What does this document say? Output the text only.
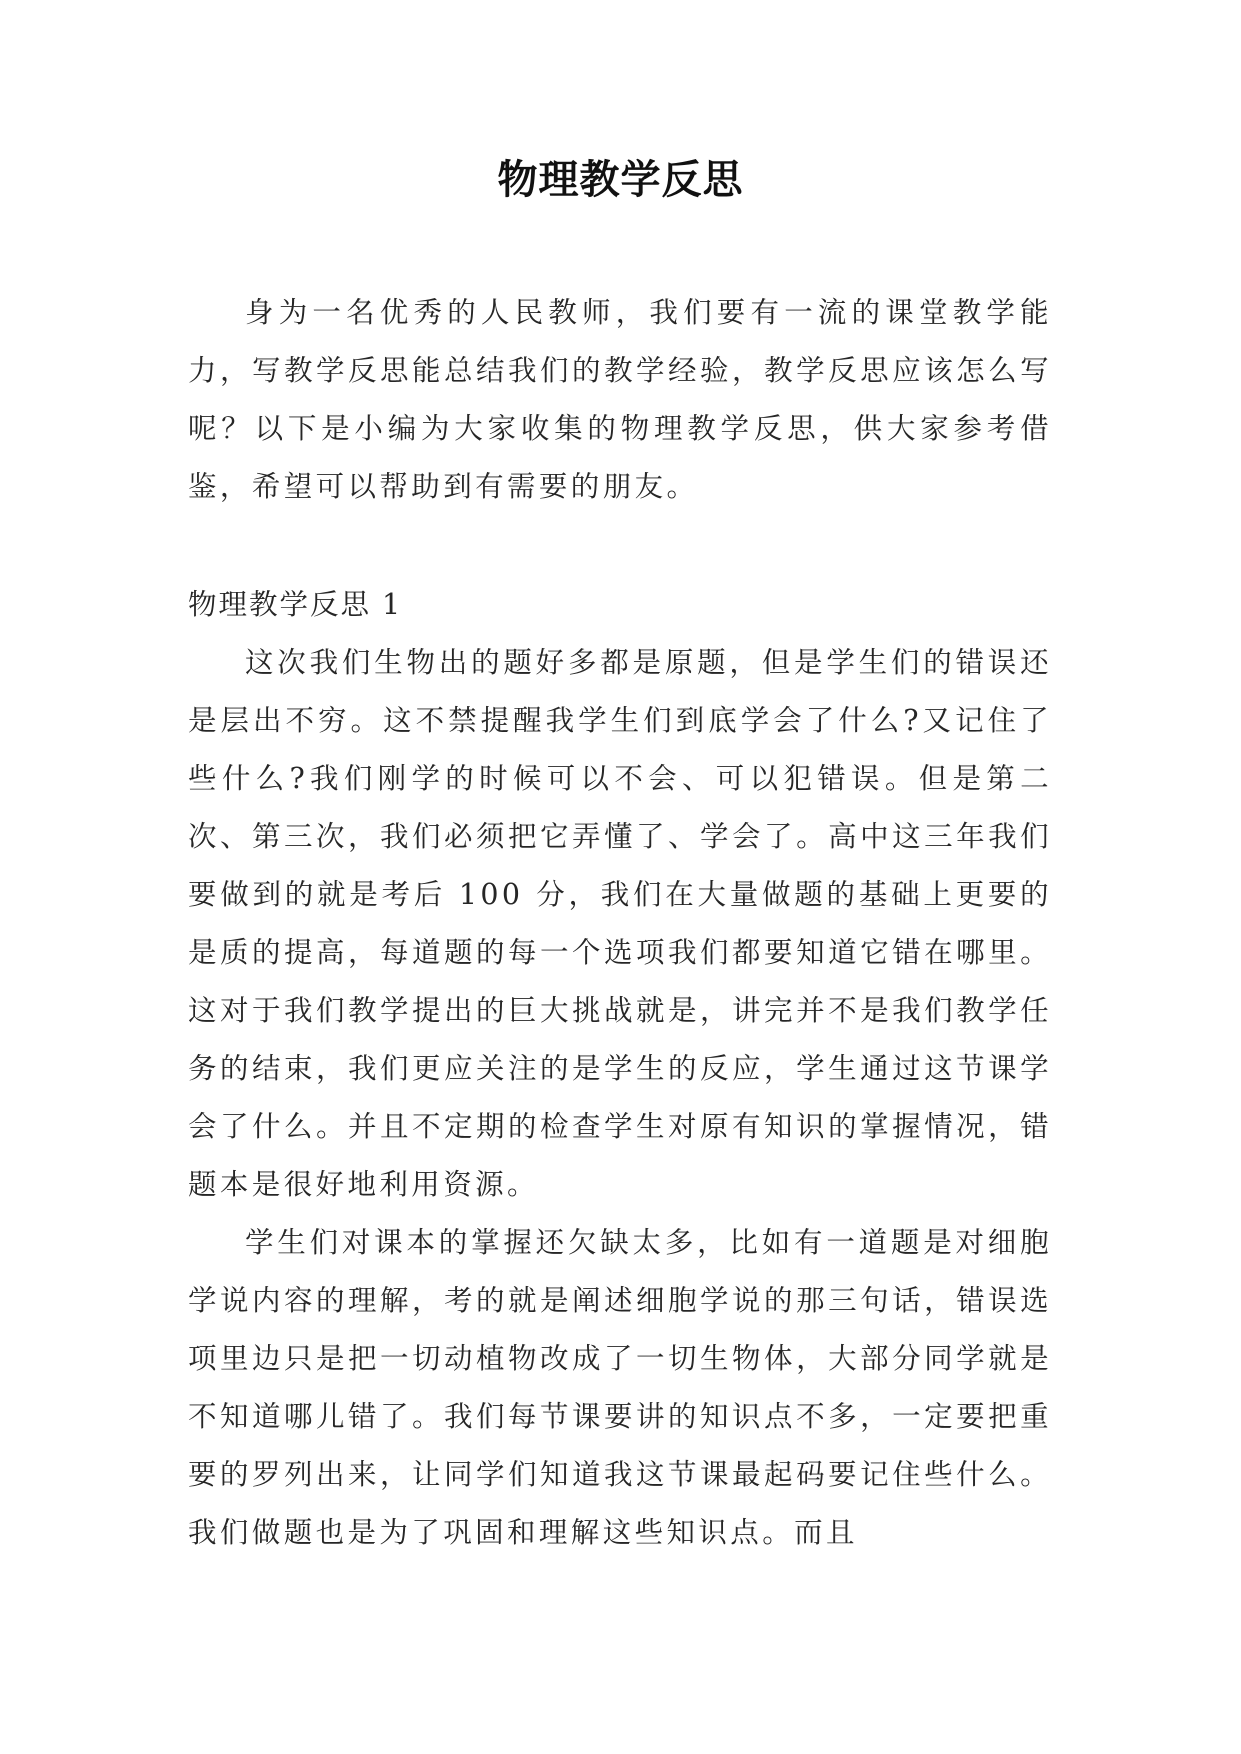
物理教学反思

身为一名优秀的人民教师，我们要有一流的课堂教学能力，写教学反思能总结我们的教学经验，教学反思应该怎么写呢？以下是小编为大家收集的物理教学反思，供大家参考借鉴，希望可以帮助到有需要的朋友。

物理教学反思 1

这次我们生物出的题好多都是原题，但是学生们的错误还是层出不穷。这不禁提醒我学生们到底学会了什么?又记住了些什么?我们刚学的时候可以不会、可以犯错误。但是第二次、第三次，我们必须把它弄懂了、学会了。高中这三年我们要做到的就是考后 100 分，我们在大量做题的基础上更要的是质的提高，每道题的每一个选项我们都要知道它错在哪里。这对于我们教学提出的巨大挑战就是，讲完并不是我们教学任务的结束，我们更应关注的是学生的反应，学生通过这节课学会了什么。并且不定期的检查学生对原有知识的掌握情况，错题本是很好地利用资源。

学生们对课本的掌握还欠缺太多，比如有一道题是对细胞学说内容的理解，考的就是阐述细胞学说的那三句话，错误选项里边只是把一切动植物改成了一切生物体，大部分同学就是不知道哪儿错了。我们每节课要讲的知识点不多，一定要把重要的罗列出来，让同学们知道我这节课最起码要记住些什么。我们做题也是为了巩固和理解这些知识点。而且
